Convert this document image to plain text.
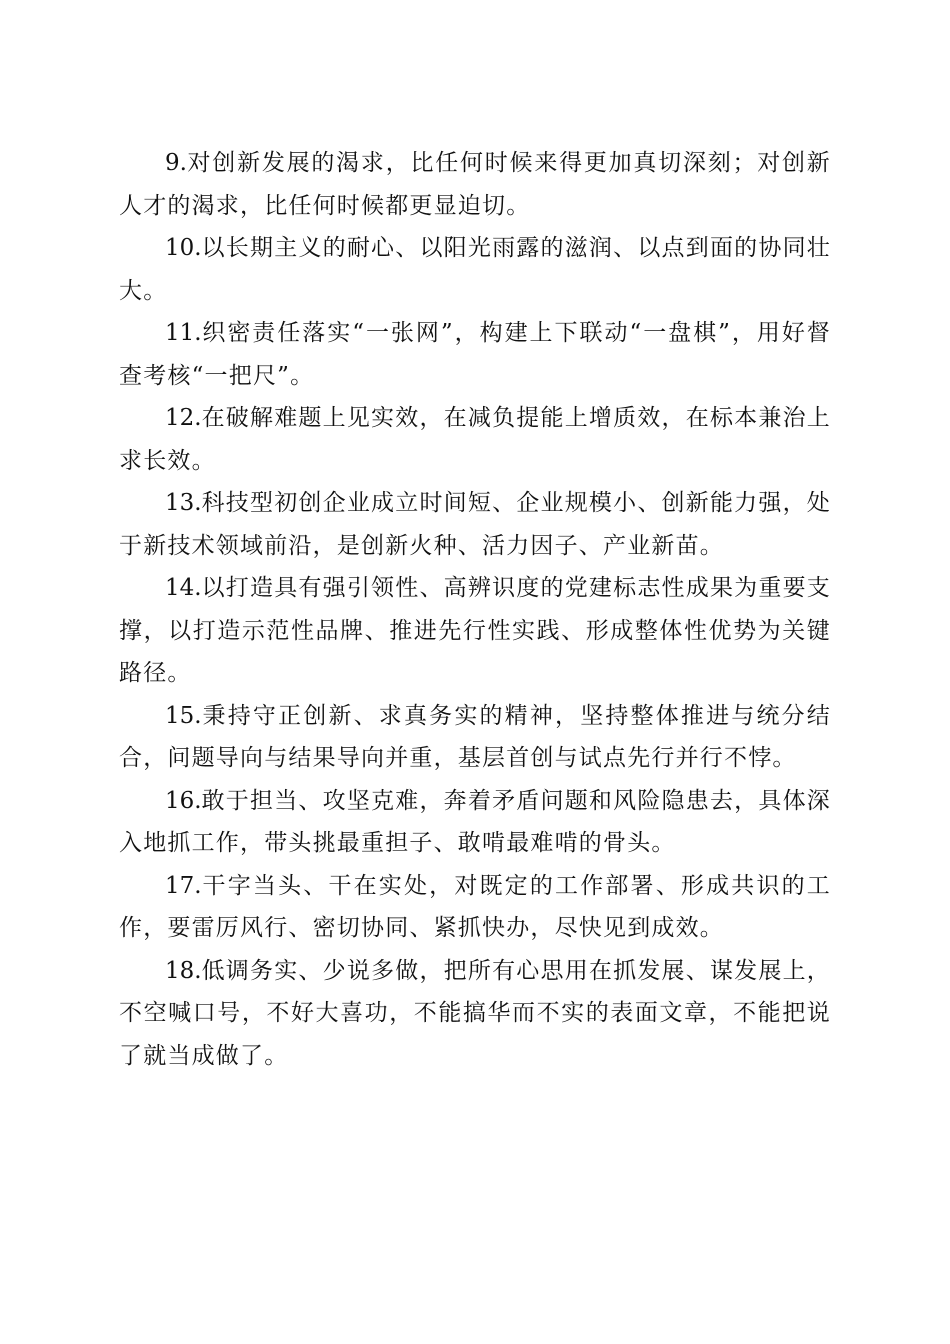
9.对创新发展的渴求，比任何时候来得更加真切深刻；对创新人才的渴求，比任何时候都更显迫切。

10.以长期主义的耐心、以阳光雨露的滋润、以点到面的协同壮大。

11.织密责任落实“一张网”，构建上下联动“一盘棋”，用好督查考核“一把尺”。

12.在破解难题上见实效，在减负提能上增质效，在标本兼治上求长效。

13.科技型初创企业成立时间短、企业规模小、创新能力强，处于新技术领域前沿，是创新火种、活力因子、产业新苗。

14.以打造具有强引领性、高辨识度的党建标志性成果为重要支撑，以打造示范性品牌、推进先行性实践、形成整体性优势为关键路径。

15.秉持守正创新、求真务实的精神，坚持整体推进与统分结合，问题导向与结果导向并重，基层首创与试点先行并行不悖。

16.敢于担当、攻坚克难，奔着矛盾问题和风险隐患去，具体深入地抓工作，带头挑最重担子、敢啃最难啃的骨头。

17.干字当头、干在实处，对既定的工作部署、形成共识的工作，要雷厉风行、密切协同、紧抓快办，尽快见到成效。

18.低调务实、少说多做，把所有心思用在抓发展、谋发展上，不空喊口号，不好大喜功，不能搞华而不实的表面文章，不能把说了就当成做了。
